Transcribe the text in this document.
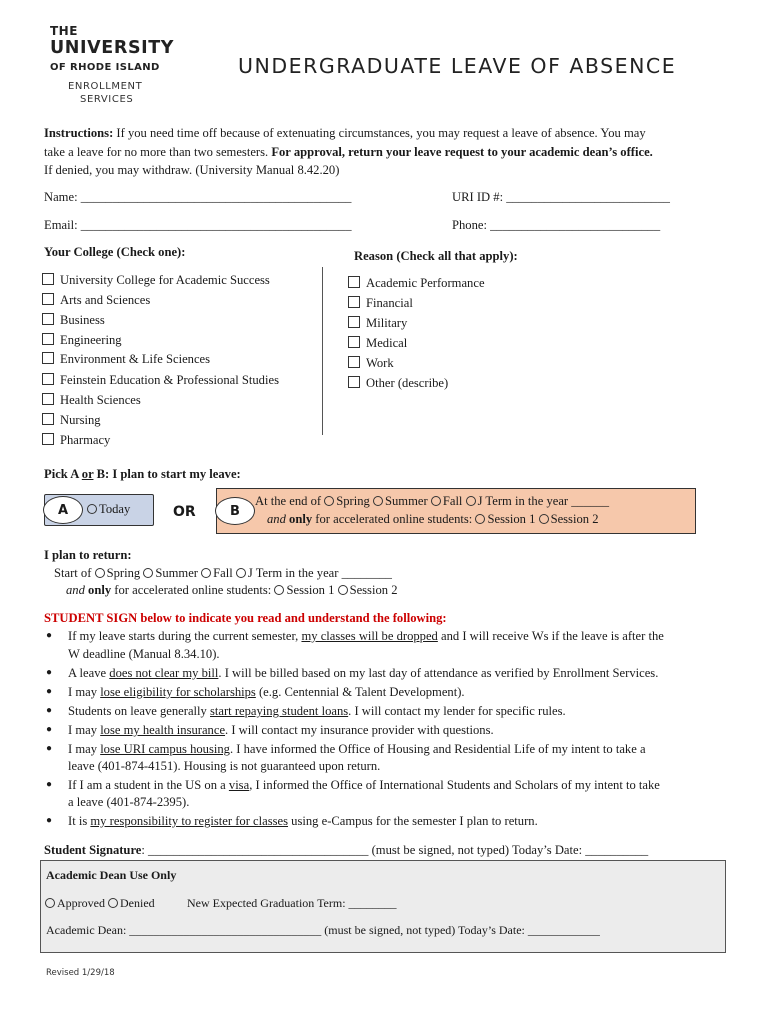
THE
UNIVERSITY
OF RHODE ISLAND
ENROLLMENT
SERVICES
UNDERGRADUATE LEAVE OF ABSENCE
Instructions: If you need time off because of extenuating circumstances, you may request a leave of absence. You may
take a leave for no more than two semesters. For approval, return your leave request to your academic dean’s office.
If denied, you may withdraw. (University Manual 8.42.20)
Name: ___________________________________________	URI ID #: __________________________
Email: ___________________________________________	Phone: ___________________________
Your College (Check one):
University College for Academic Success
Arts and Sciences
Business
Engineering
Environment & Life Sciences
Feinstein Education & Professional Studies
Health Sciences
Nursing
Pharmacy
Reason (Check all that apply):
Academic Performance
Financial
Military
Medical
Work
Other (describe)
Pick A or B: I plan to start my leave:
A	Today	OR	B
At the end of Spring Summer Fall J Term in the year ______
and only for accelerated online students: Session 1 Session 2
I plan to return:
Start of Spring Summer Fall J Term in the year ________
and only for accelerated online students: Session 1 Session 2
STUDENT SIGN below to indicate you read and understand the following:
● If my leave starts during the current semester, my classes will be dropped and I will receive Ws if the leave is after the
W deadline (Manual 8.34.10).
● A leave does not clear my bill. I will be billed based on my last day of attendance as verified by Enrollment Services.
● I may lose eligibility for scholarships (e.g. Centennial & Talent Development).
● Students on leave generally start repaying student loans. I will contact my lender for specific rules.
● I may lose my health insurance. I will contact my insurance provider with questions.
● I may lose URI campus housing. I have informed the Office of Housing and Residential Life of my intent to take a
leave (401-874-4151). Housing is not guaranteed upon return.
● If I am a student in the US on a visa, I informed the Office of International Students and Scholars of my intent to take
a leave (401-874-2395).
● It is my responsibility to register for classes using e-Campus for the semester I plan to return.
Student Signature: ___________________________________ (must be signed, not typed) Today’s Date: __________
Academic Dean Use Only
Approved Denied	New Expected Graduation Term: ________
Academic Dean: ________________________________ (must be signed, not typed) Today’s Date: ____________
Revised 1/29/18
